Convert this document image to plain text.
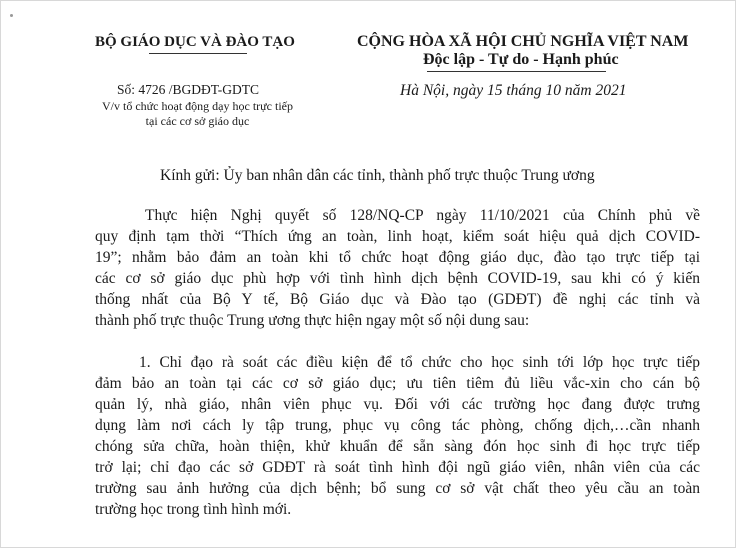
BỘ GIÁO DỤC VÀ ĐÀO TẠO	CỘNG HÒA XÃ HỘI CHỦ NGHĨA VIỆT NAM
Độc lập - Tự do - Hạnh phúc
Số: 4726 /BGDĐT-GDTC
V/v tổ chức hoạt động dạy học trực tiếp
tại các cơ sở giáo dục
Hà Nội, ngày 15 tháng 10 năm 2021
Kính gửi: Ủy ban nhân dân các tỉnh, thành phố trực thuộc Trung ương
Thực hiện Nghị quyết số 128/NQ-CP ngày 11/10/2021 của Chính phủ về
quy định tạm thời “Thích ứng an toàn, linh hoạt, kiểm soát hiệu quả dịch COVID-
19”; nhằm bảo đảm an toàn khi tổ chức hoạt động giáo dục, đào tạo trực tiếp tại
các cơ sở giáo dục phù hợp với tình hình dịch bệnh COVID-19, sau khi có ý kiến
thống nhất của Bộ Y tế, Bộ Giáo dục và Đào tạo (GDĐT) đề nghị các tỉnh và
thành phố trực thuộc Trung ương thực hiện ngay một số nội dung sau:
1. Chỉ đạo rà soát các điều kiện để tổ chức cho học sinh tới lớp học trực tiếp
đảm bảo an toàn tại các cơ sở giáo dục; ưu tiên tiêm đủ liều vắc-xin cho cán bộ
quản lý, nhà giáo, nhân viên phục vụ. Đối với các trường học đang được trưng
dụng làm nơi cách ly tập trung, phục vụ công tác phòng, chống dịch,…cần nhanh
chóng sửa chữa, hoàn thiện, khử khuẩn để sẵn sàng đón học sinh đi học trực tiếp
trở lại; chỉ đạo các sở GDĐT rà soát tình hình đội ngũ giáo viên, nhân viên của các
trường sau ảnh hưởng của dịch bệnh; bổ sung cơ sở vật chất theo yêu cầu an toàn
trường học trong tình hình mới.
